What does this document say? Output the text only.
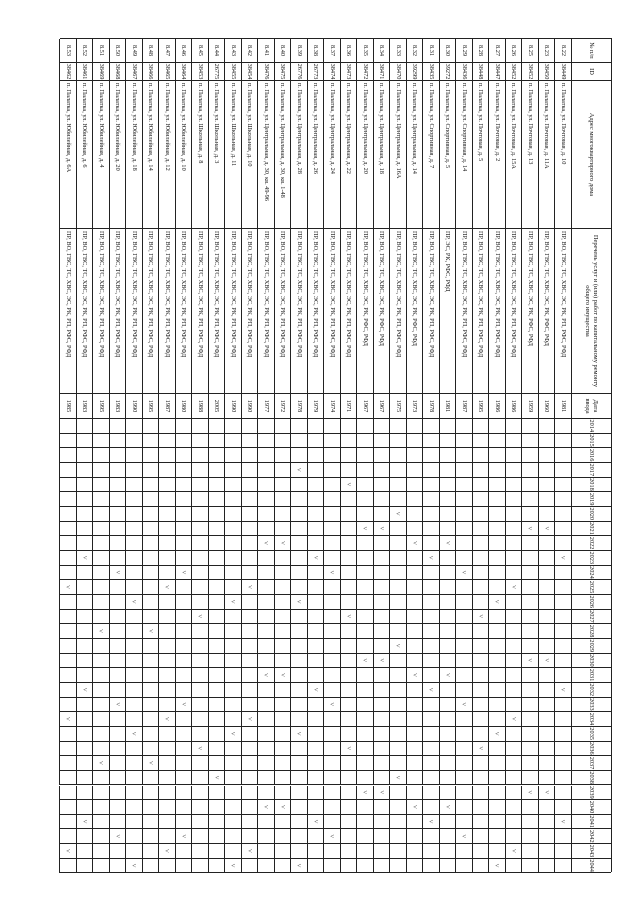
№ п/п
ID
Адрес многоквартирного дома
Перечень услуг и (или) работ по капитальному ремонту общего имущества
Дата ввода
2014
2015
2016
2017
2018
2019
2020
2021
2022
2023
2024
2025
2026
2027
2028
2029
2030
2031
2032
2033
2034
2035
2036
2037
2038
2039
2040
2041
2042
2043
2044
8.22
38449
п. Палатка, ул. Почтовая, д. 10
ПР, ВО, ГВС, ТС, ХВС, ЭС, РК, РП, РФС, РФД
1981
˅
˅
˅
8.23
38450
п. Палатка, ул. Почтовая, д. 11А
ПР, ВО, ГВС, ТС, ХВС, ЭС, РК, РФС, РФД
1960
˅
˅
˅
8.25
38452
п. Палатка, ул. Почтовая, д. 13
ПР, ВО, ГВС, ТС, ХВС, ЭС, РК, РФС, РФД
1959
˅
˅
˅
8.26
38452
п. Палатка, ул. Почтовая, д. 15А
ПР, ВО, ГВС, ТС, ХВС, ЭС, РК, РП, РФС, РФД
1986
˅
˅
˅
8.27
38447
п. Палатка, ул. Почтовая, д. 2
ПР, ВО, ГВС, ТС, ХВС, ЭС, РК, РП, РФС, РФД
1986
˅
˅
˅
8.28
38448
п. Палатка, ул. Почтовая, д. 5
ПР, ВО, ГВС, ТС, ХВС, ЭС, РК, РП, РФС, РФД
1995
˅
˅
8.29
38436
п. Палатка, ул. Спортивная, д. 14
ПР, ВО, ГВС, ТС, ХВС, ЭС, РК, РП, РФС, РФД
1987
˅
˅
˅
8.30
39272
п. Палатка, ул. Спортивная, д. 5
ПР, ЭС, РК, РФС, РФД
1981
˅
˅
˅
8.31
38435
п. Палатка, ул. Спортивная, д. 7
ПР, ВО, ГВС, ТС, ХВС, ЭС, РК, РП, РФС, РФД
1978
˅
˅
˅
8.32
39299
п. Палатка, ул. Центральная, д. 14
ПР, ВО, ГВС, ТС, ХВС, ЭС, РК, РФС, РФД
1973
˅
˅
˅
8.33
38470
п. Палатка, ул. Центральная, д. 16А
ПР, ВО, ГВС, ТС, ХВС, ЭС, РК, РП, РФС, РФД
1975
˅
˅
˅
8.34
38471
п. Палатка, ул. Центральная, д. 18
ПР, ВО, ГВС, ТС, ХВС, ЭС, РК, РФС, РФД
1967
˅
˅
˅
8.35
38472
п. Палатка, ул. Центральная, д. 20
ПР, ВО, ГВС, ТС, ХВС, ЭС, РК, РФС, РФД
1967
˅
˅
˅
8.36
38473
п. Палатка, ул. Центральная, д. 22
ПР, ВО, ГВС, ТС, ХВС, ЭС, РК, РП, РФС, РФД
1971
˅
˅
˅
8.37
38474
п. Палатка, ул. Центральная, д. 24
ПР, ВО, ГВС, ТС, ХВС, ЭС, РК, РП, РФС, РФД
1974
˅
˅
˅
8.38
26773
п. Палатка, ул. Центральная, д. 26
ПР, ВО, ГВС, ТС, ХВС, ЭС, РК, РП, РФС, РФД
1979
˅
˅
˅
8.39
26776
п. Палатка, ул. Центральная, д. 28
ПР, ВО, ГВС, ТС, ХВС, ЭС, РК, РП, РФС, РФД
1978
˅
˅
˅
˅
8.40
38475
п. Палатка, ул. Центральная, д. 30, кв. 1-48
ПР, ВО, ГВС, ТС, ХВС, ЭС, РК, РП, РФС, РФД
1972
˅
˅
˅
8.41
38476
п. Палатка, ул. Центральная, д. 30, кв. 49-96
ПР, ВО, ГВС, ТС, ХВС, ЭС, РК, РП, РФС, РФД
1977
˅
˅
˅
8.42
38454
п. Палатка, ул. Школьная, д. 10
ПР, ВО, ГВС, ТС, ХВС, ЭС, РК, РП, РФС, РФД
1990
˅
˅
˅
8.43
38455
п. Палатка, ул. Школьная, д. 11
ПР, ВО, ГВС, ТС, ХВС, ЭС, РК, РП, РФС, РФД
1990
˅
˅
˅
8.44
26775
п. Палатка, ул. Школьная, д. 3
ПР, ВО, ГВС, ТС, ХВС, ЭС, РК, РП, РФС, РФД
2005
˅
8.45
38453
п. Палатка, ул. Школьная, д. 8
ПР, ВО, ГВС, ТС, ХВС, ЭС, РК, РП, РФС, РФД
1988
˅
˅
8.46
38464
п. Палатка, ул. Юбилейная, д. 10
ПР, ВО, ГВС, ТС, ХВС, ЭС, РК, РП, РФС, РФД
1980
˅
˅
˅
8.47
38465
п. Палатка, ул. Юбилейная, д. 12
ПР, ВО, ГВС, ТС, ХВС, ЭС, РК, РП, РФС, РФД
1987
˅
˅
˅
8.48
38466
п. Палатка, ул. Юбилейная, д. 14
ПР, ВО, ГВС, ТС, ХВС, ЭС, РК, РП, РФС, РФД
1995
˅
˅
8.49
38467
п. Палатка, ул. Юбилейная, д. 18
ПР, ВО, ГВС, ТС, ХВС, ЭС, РК, РП, РФС, РФД
1990
˅
˅
˅
8.50
38468
п. Палатка, ул. Юбилейная, д. 20
ПР, ВО, ГВС, ТС, ХВС, ЭС, РК, РП, РФС, РФД
1983
˅
˅
˅
8.51
38469
п. Палатка, ул. Юбилейная, д. 4
ПР, ВО, ГВС, ТС, ХВС, ЭС, РК, РП, РФС, РФД
1995
˅
˅
8.52
38461
п. Палатка, ул. Юбилейная, д. 6
ПР, ВО, ГВС, ТС, ХВС, ЭС, РК, РП, РФС, РФД
1983
˅
˅
˅
8.53
38462
п. Палатка, ул. Юбилейная, д. 6А
ПР, ВО, ГВС, ТС, ХВС, ЭС, РК, РП, РФС, РФД
1985
˅
˅
˅
